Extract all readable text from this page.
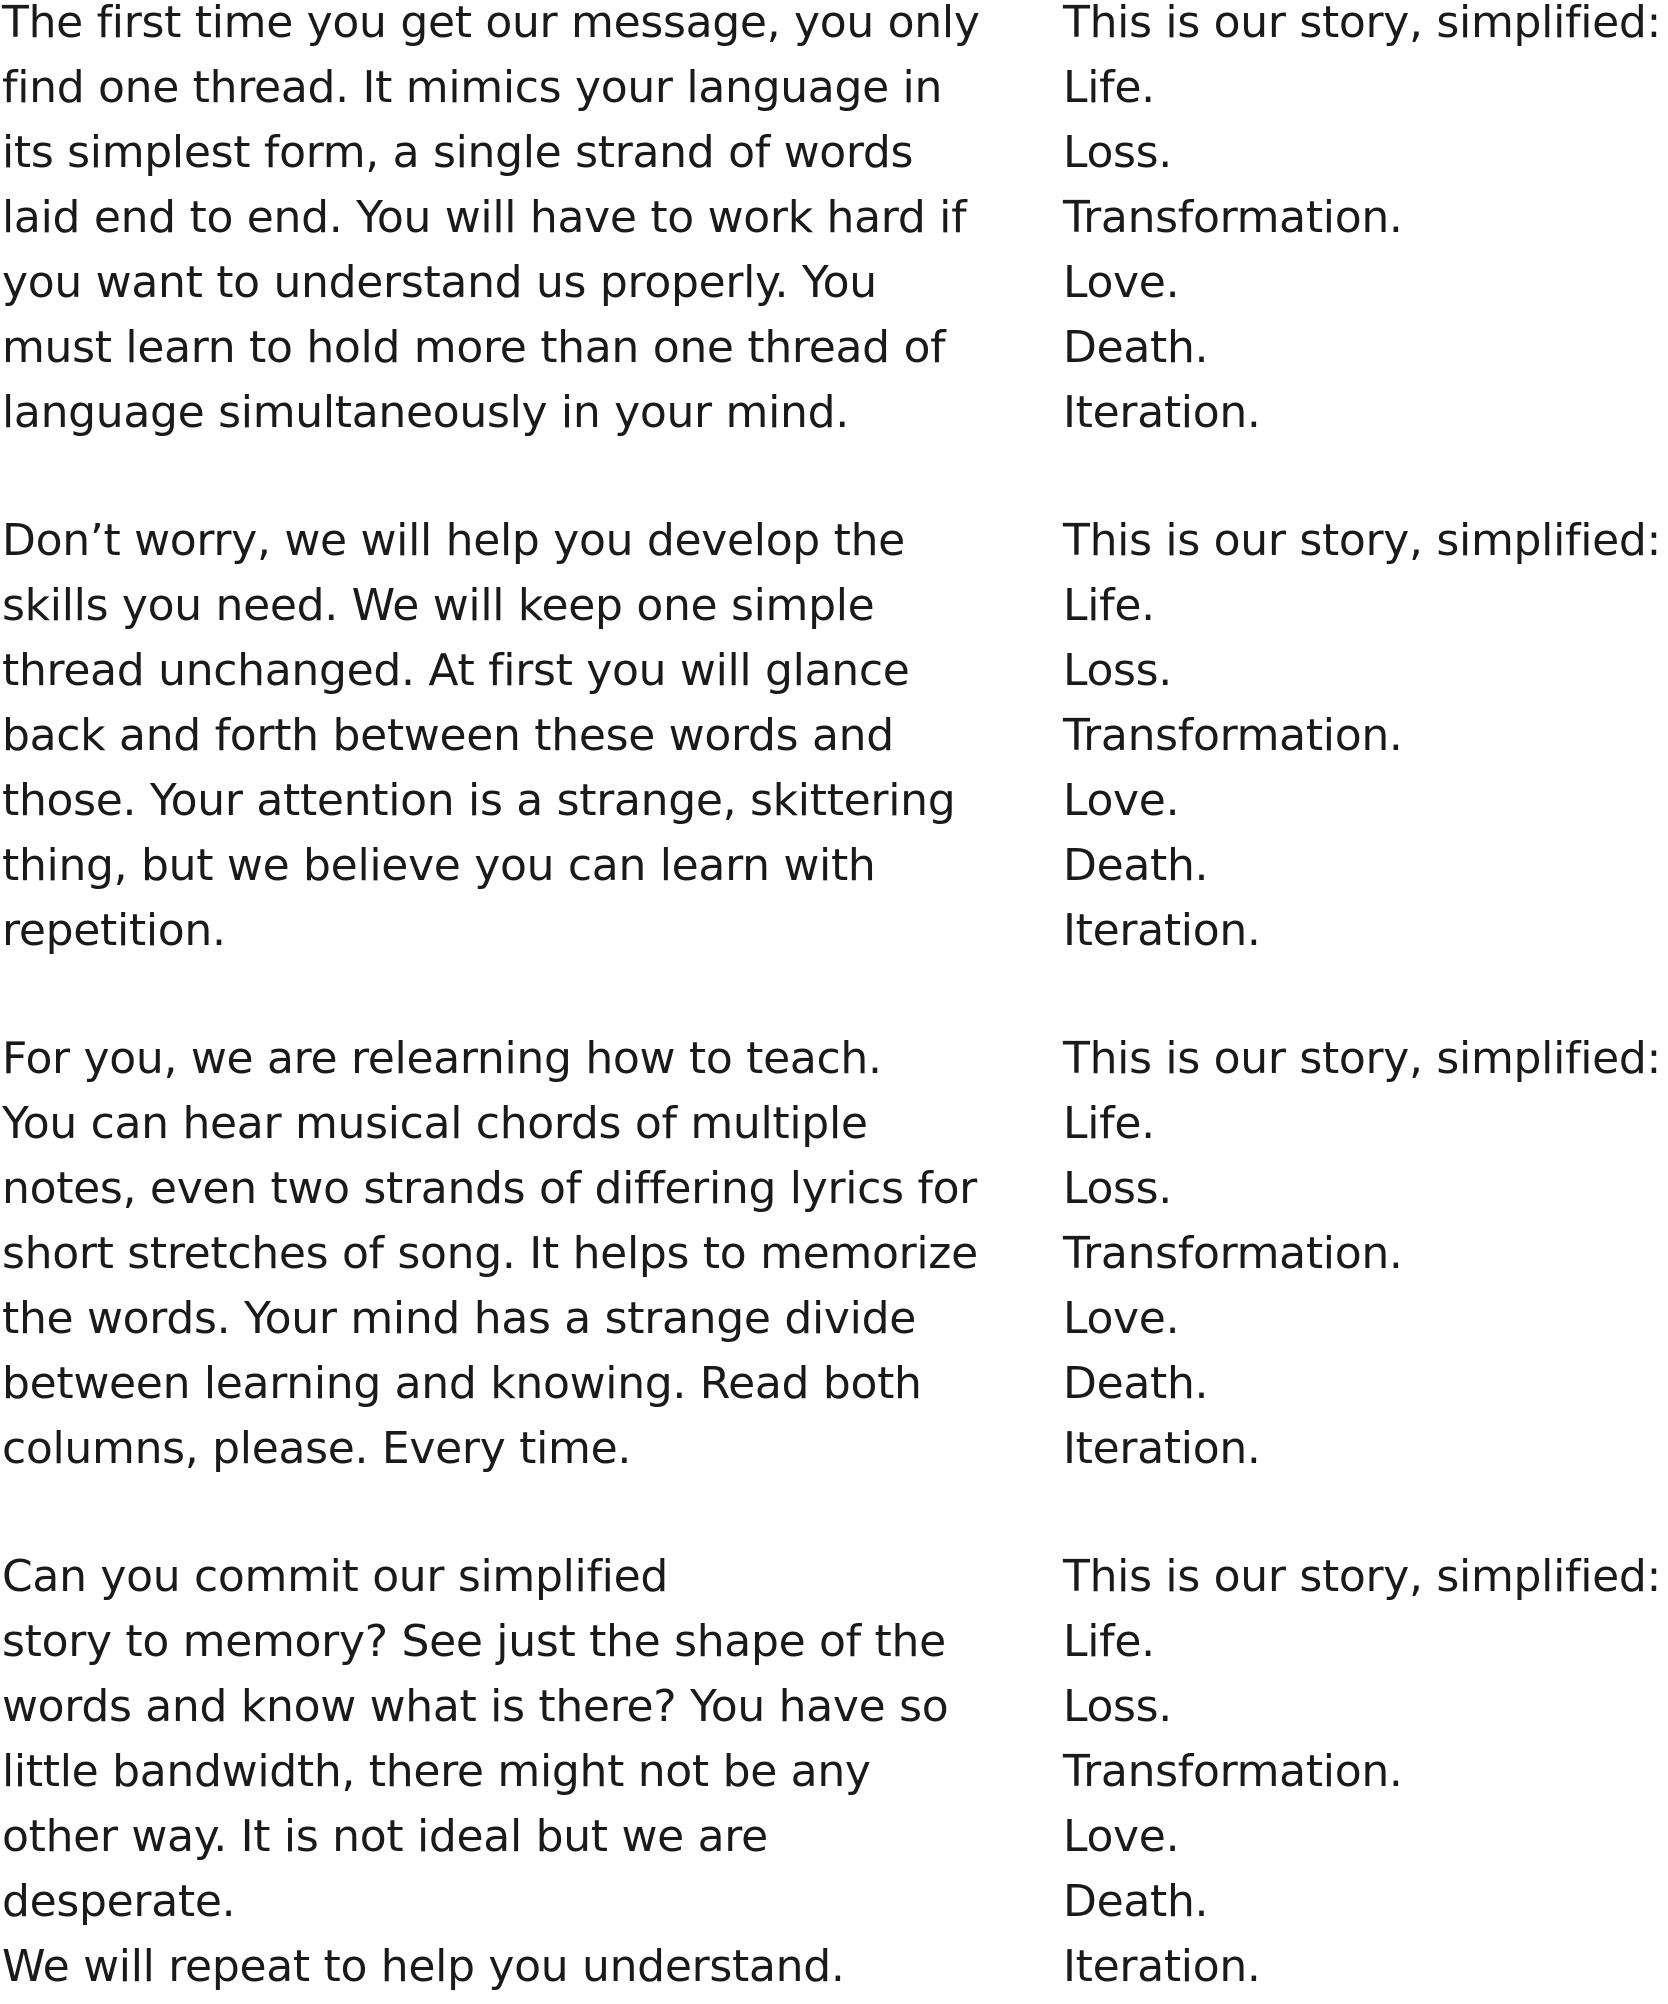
The first time you get our message, you only
find one thread. It mimics your language in
its simplest form, a single strand of words
laid end to end. You will have to work hard if
you want to understand us properly. You
must learn to hold more than one thread of
language simultaneously in your mind.
This is our story, simplified:
Life.
Loss.
Transformation.
Love.
Death.
Iteration.
Don’t worry, we will help you develop the
skills you need. We will keep one simple
thread unchanged. At first you will glance
back and forth between these words and
those. Your attention is a strange, skittering
thing, but we believe you can learn with
repetition.
This is our story, simplified:
Life.
Loss.
Transformation.
Love.
Death.
Iteration.
For you, we are relearning how to teach.
You can hear musical chords of multiple
notes, even two strands of differing lyrics for
short stretches of song. It helps to memorize
the words. Your mind has a strange divide
between learning and knowing. Read both
columns, please. Every time.
This is our story, simplified:
Life.
Loss.
Transformation.
Love.
Death.
Iteration.
Can you commit our simplified
story to memory? See just the shape of the
words and know what is there? You have so
little bandwidth, there might not be any
other way. It is not ideal but we are
desperate.
We will repeat to help you understand.
This is our story, simplified:
Life.
Loss.
Transformation.
Love.
Death.
Iteration.
